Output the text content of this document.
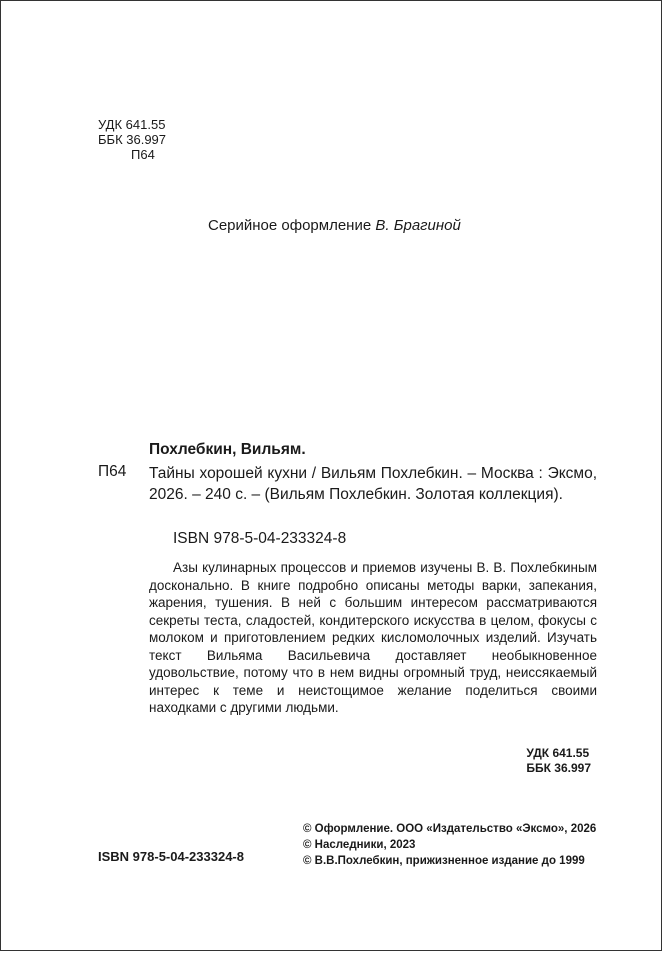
УДК 641.55
ББК 36.997
П64
Серийное оформление В. Брагиной
Похлебкин, Вильям.
П64 Тайны хорошей кухни / Вильям Похлебкин. – Москва : Эксмо, 2026. – 240 с. – (Вильям Похлебкин. Золотая коллекция).
ISBN 978-5-04-233324-8
Азы кулинарных процессов и приемов изучены В. В. Похлебкиным досконально. В книге подробно описаны методы варки, запекания, жарения, тушения. В ней с большим интересом рассматриваются секреты теста, сладостей, кондитерского искусства в целом, фокусы с молоком и приготовлением редких кисломолочных изделий. Изучать текст Вильяма Васильевича доставляет необыкновенное удовольствие, потому что в нем видны огромный труд, неиссякаемый интерес к теме и неистощимое желание поделиться своими находками с другими людьми.
УДК 641.55
ББК 36.997
© Оформление. ООО «Издательство «Эксмо», 2026
© Наследники, 2023
© В.В.Похлебкин, прижизненное издание до 1999
ISBN 978-5-04-233324-8
